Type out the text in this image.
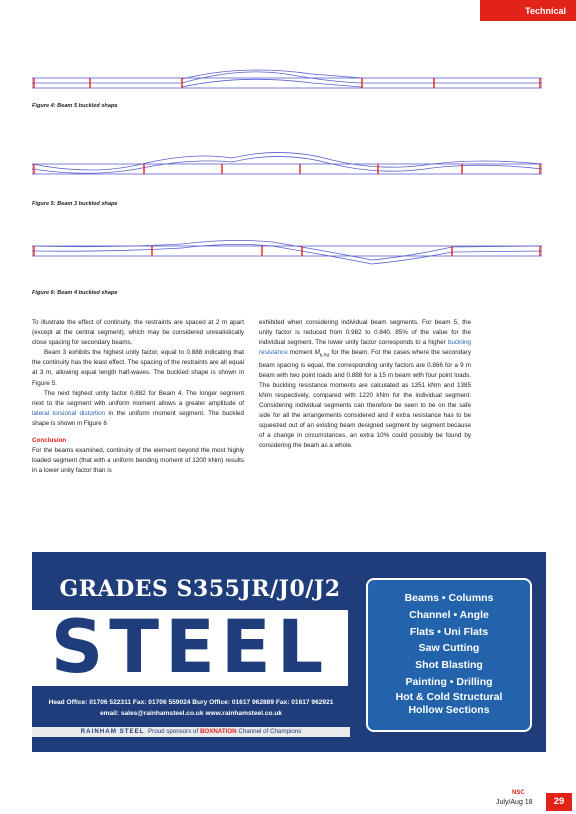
Technical
Figure 4: Beam 5 buckled shape
Figure 5: Beam 3 buckled shape
Figure 6: Beam 4 buckled shape

To illustrate the effect of continuity, the restraints are spaced at 2 m apart (except at the central segment), which may be considered unrealistically close spacing for secondary beams.

Beam 3 exhibits the highest unity factor, equal to 0.888 indicating that the continuity has the least effect. The spacing of the restraints are all equal at 3 m, allowing equal length half-waves. The buckled shape is shown in Figure 5.

The next highest unity factor 0.882 for Beam 4. The longer segment next to the segment with uniform moment allows a greater amplitude of lateral torsional distortion in the uniform moment segment. The buckled shape is shown in Figure 6

Conclusion

For the beams examined, continuity of the element beyond the most highly loaded segment (that with a uniform bending moment of 1200 kNm) results in a lower unity factor than is

exhibited when considering individual beam segments. For beam 5, the unity factor is reduced from 0.982 to 0.840, 85% of the value for the individual segment. The lower unity factor corresponds to a higher buckling resistance moment $M_{b,Rd}$ for the beam. For the cases where the secondary beam spacing is equal, the corresponding unity factors are 0.866 for a 9 m beam with two point loads and 0.888 for a 15 m beam with four point loads. The buckling resistance moments are calculated as 1351 kNm and 1385 kNm respectively, compared with 1220 kNm for the individual segment. Considering individual segments can therefore be seen to be on the safe side for all the arrangements considered and if extra resistance has to be squeezed out of an existing beam designed segment by segment because of a change in circumstances, an extra 10% could possibly be found by considering the beam as a whole.

GRADES S355JR/J0/J2
STEEL
Head Office: 01706 522311 Fax: 01706 559024 Bury Office: 01617 962889 Fax: 01617 962921
email: sales@rainhamsteel.co.uk www.rainhamsteel.co.uk
RAINHAM STEEL Proud sponsors of BOXNATION Channel of Champions
Beams • Columns
Channel • Angle
Flats • Uni Flats
Saw Cutting
Shot Blasting
Painting • Drilling
Hot & Cold Structural
Hollow Sections
NSC
July/Aug 18	29
